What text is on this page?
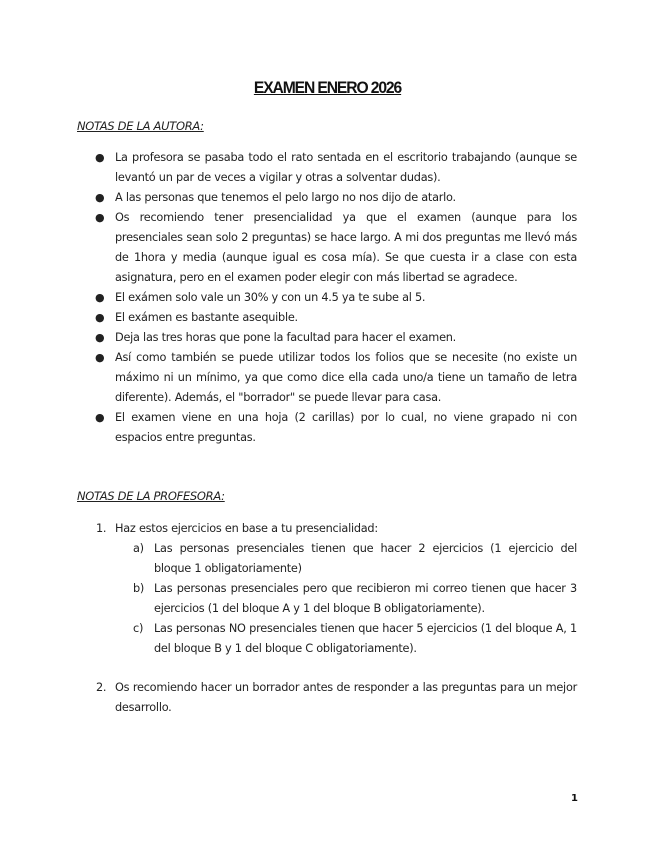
EXAMEN ENERO 2026
NOTAS DE LA AUTORA:
● La profesora se pasaba todo el rato sentada en el escritorio trabajando (aunque se levantó un par de veces a vigilar y otras a solventar dudas).
● A las personas que tenemos el pelo largo no nos dijo de atarlo.
● Os recomiendo tener presencialidad ya que el examen (aunque para los presenciales sean solo 2 preguntas) se hace largo. A mi dos preguntas me llevó más de 1hora y media (aunque igual es cosa mía). Se que cuesta ir a clase con esta asignatura, pero en el examen poder elegir con más libertad se agradece.
● El exámen solo vale un 30% y con un 4.5 ya te sube al 5.
● El exámen es bastante asequible.
● Deja las tres horas que pone la facultad para hacer el examen.
● Así como también se puede utilizar todos los folios que se necesite (no existe un máximo ni un mínimo, ya que como dice ella cada uno/a tiene un tamaño de letra diferente). Además, el "borrador" se puede llevar para casa.
● El examen viene en una hoja (2 carillas) por lo cual, no viene grapado ni con espacios entre preguntas.
NOTAS DE LA PROFESORA:
1. Haz estos ejercicios en base a tu presencialidad:
a) Las personas presenciales tienen que hacer 2 ejercicios (1 ejercicio del bloque 1 obligatoriamente)
b) Las personas presenciales pero que recibieron mi correo tienen que hacer 3 ejercicios (1 del bloque A y 1 del bloque B obligatoriamente).
c) Las personas NO presenciales tienen que hacer 5 ejercicios (1 del bloque A, 1 del bloque B y 1 del bloque C obligatoriamente).
2. Os recomiendo hacer un borrador antes de responder a las preguntas para un mejor desarrollo.
1
